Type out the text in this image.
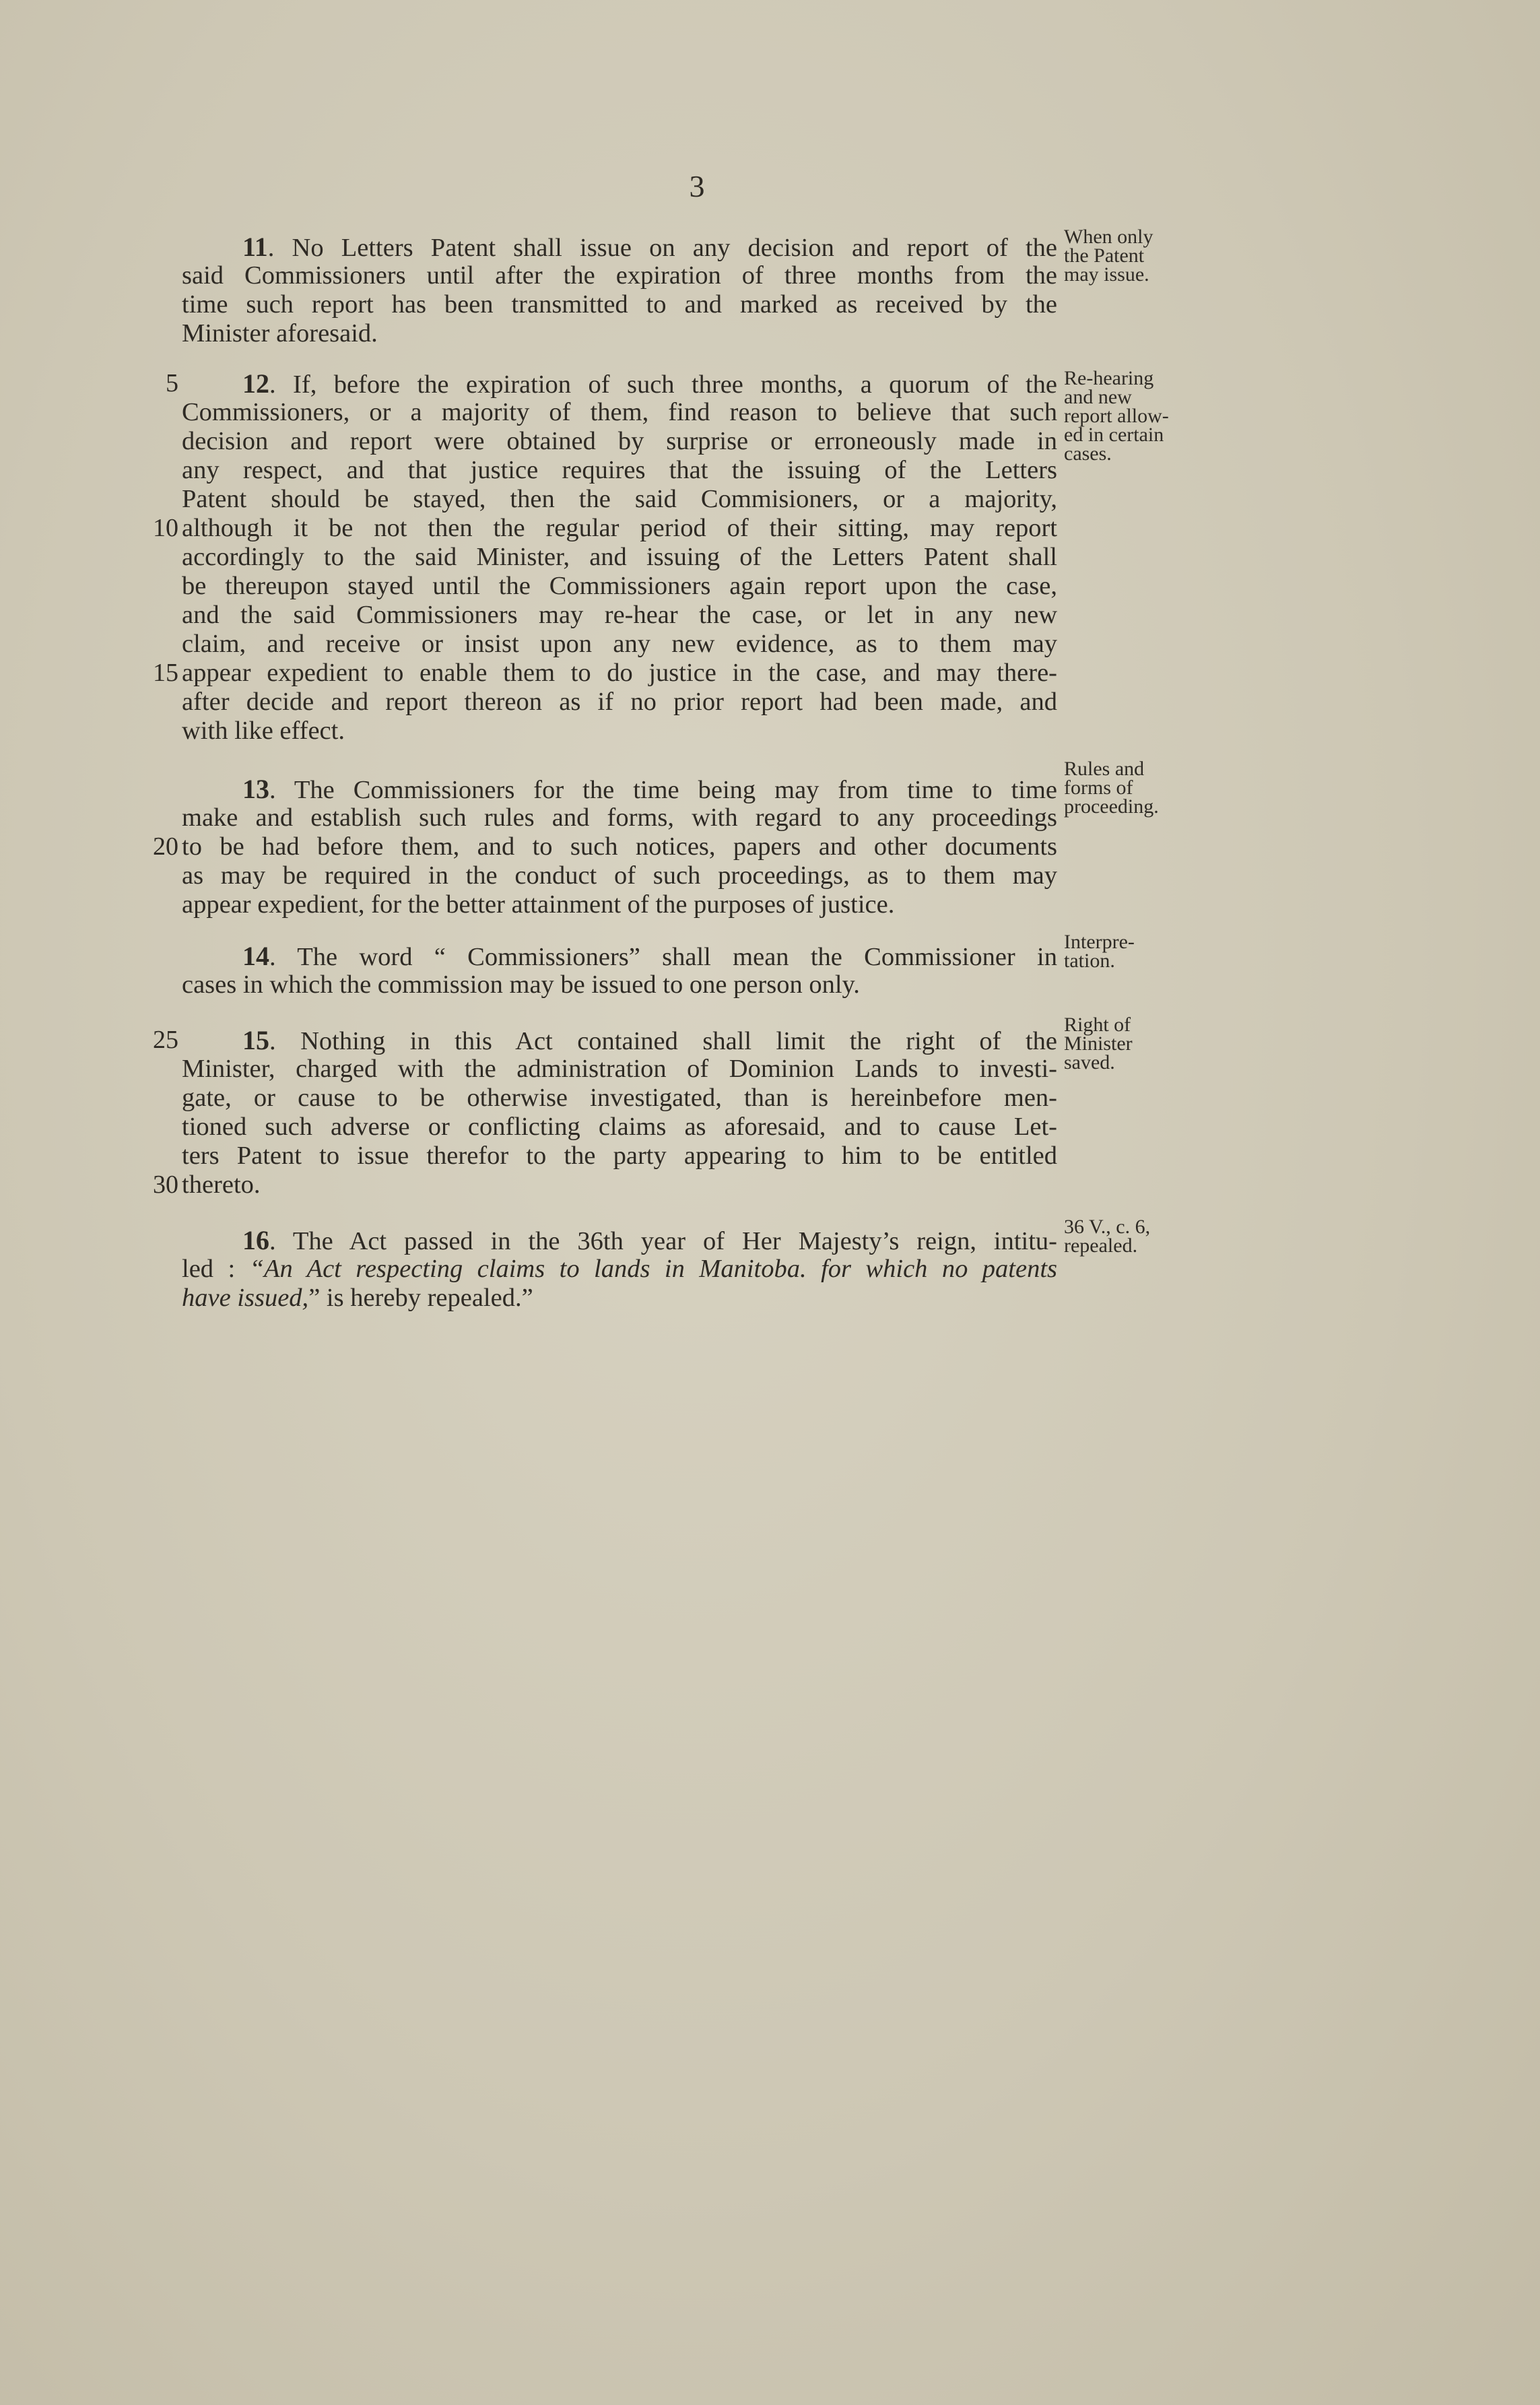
3
11. No Letters Patent shall issue on any decision and report of the
said Commissioners until after the expiration of three months from the
time such report has been transmitted to and marked as received by the
Minister aforesaid.
When only
the Patent
may issue.
12. If, before the expiration of such three months, a quorum of the
Commissioners, or a majority of them, find reason to believe that such
decision and report were obtained by surprise or erroneously made in
any respect, and that justice requires that the issuing of the Letters
Patent should be stayed, then the said Commisioners, or a majority,
although it be not then the regular period of their sitting, may report
accordingly to the said Minister, and issuing of the Letters Patent shall
be thereupon stayed until the Commissioners again report upon the case,
and the said Commissioners may re-hear the case, or let in any new
claim, and receive or insist upon any new evidence, as to them may
appear expedient to enable them to do justice in the case, and may there-
after decide and report thereon as if no prior report had been made, and
with like effect.
Re-hearing
and new
report allow-
ed in certain
cases.
13. The Commissioners for the time being may from time to time
make and establish such rules and forms, with regard to any proceedings
to be had before them, and to such notices, papers and other documents
as may be required in the conduct of such proceedings, as to them may
appear expedient, for the better attainment of the purposes of justice.
Rules and
forms of
proceeding.
14. The word “ Commissioners” shall mean the Commissioner in
cases in which the commission may be issued to one person only.
Interpre-
tation.
15. Nothing in this Act contained shall limit the right of the
Minister, charged with the administration of Dominion Lands to investi-
gate, or cause to be otherwise investigated, than is hereinbefore men-
tioned such adverse or conflicting claims as aforesaid, and to cause Let-
ters Patent to issue therefor to the party appearing to him to be entitled
thereto.
Right of
Minister
saved.
16. The Act passed in the 36th year of Her Majesty’s reign, intitu-
led : “An Act respecting claims to lands in Manitoba. for which no patents
have issued,” is hereby repealed.”
36 V., c. 6,
repealed.
5
10
15
20
25
30
